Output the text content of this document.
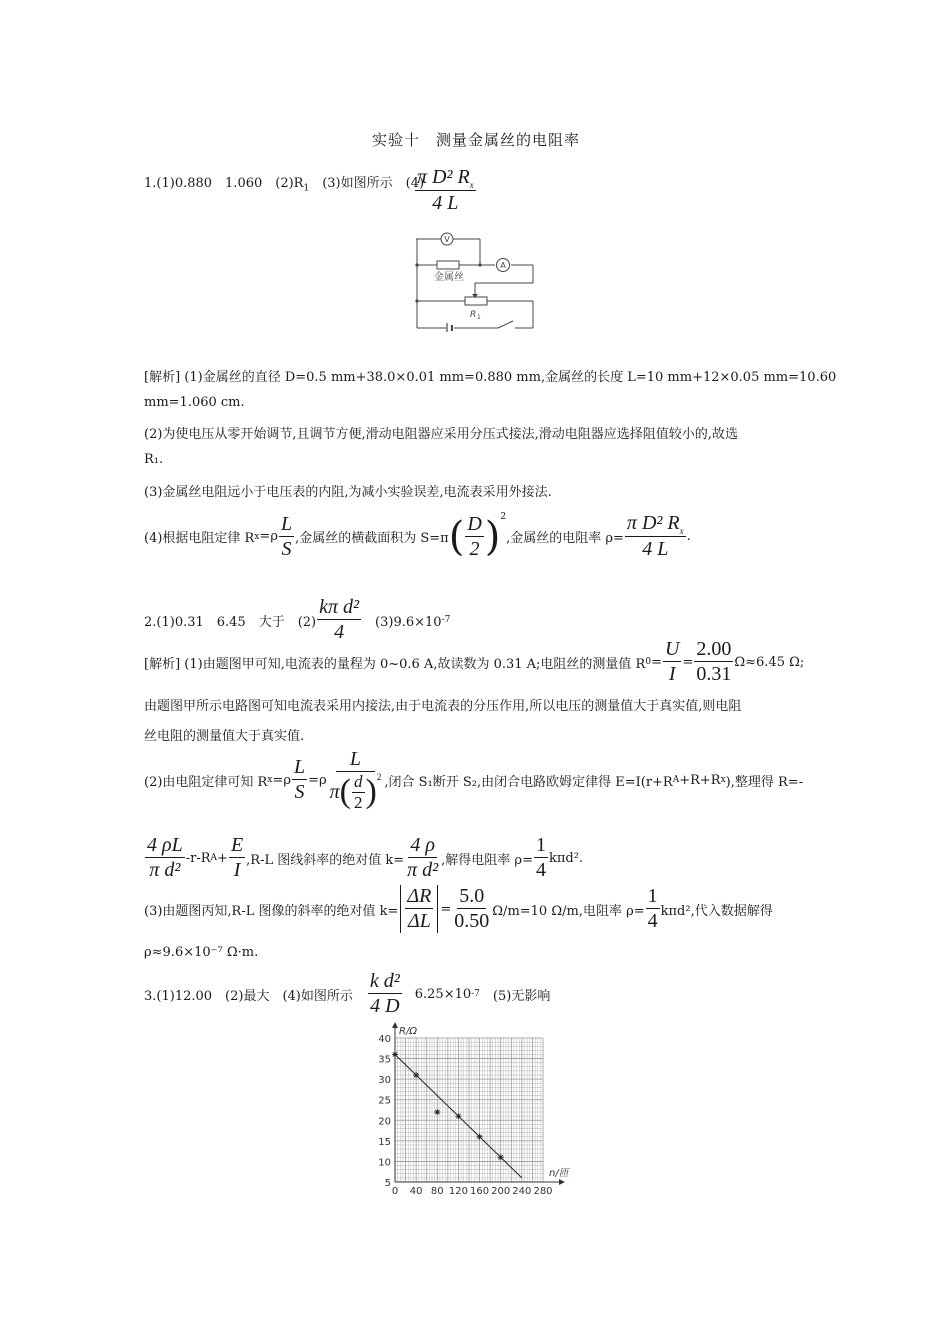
实验十　测量金属丝的电阻率
1.(1)0.880　1.060　$(2)R_1$　(3)如图所示　(4)
$\frac{\pi D^2 R_x}{4 L}$
V
A
金属丝
R 1
[解析] (1)金属丝的直径 D=0.5 mm+38.0×0.01 mm=0.880 mm,金属丝的长度 L=10 mm+12×0.05 mm=10.60
mm=1.060 cm.
(2)为使电压从零开始调节,且调节方便,滑动电阻器应采用分压式接法,滑动电阻器应选择阻值较小的,故选
R₁.
(3)金属丝电阻远小于电压表的内阻,为减小实验误差,电流表采用外接法.
(4)根据电阻定律 R $x =\rho \frac{L}{S}$ ,金属丝的横截面积为 S=π ( $\frac{D}{2} )^2$
,金属丝的电阻率 $\rho= \frac{\pi D^2 R_x}{4 L}$ .
2.(1)0.31　6.45　大于　$(2) \frac{\text{kπ d²}}{4}$ 　(3)9.6×10 -7
[解析] (1)由题图甲可知,电流表的量程为 0~0.6 A,故读数为 0.31 A;电阻丝的测量值 R $0 = \frac{U}{I} = \frac{2.00}{0.31} \Omega\approx 6.45$ Ω;
由题图甲所示电路图可知电流表采用内接法,由于电流表的分压作用,所以电压的测量值大于真实值,则电阻
丝电阻的测量值大于真实值.
(2)由电阻定律可知 R $x =\rho \frac{L}{S} =\rho \frac{L}{\pi ( \frac{d}{2} )^2}$ ,闭合 S₁断开 S₂,由闭合电路欧姆定律得 E=I(r+R A +R+R x ),整理得 R=-
$\frac{4 \rho L}{\text{π d²}} -r-R$ $A + \frac{E}{I} ,R-L$ 图线斜率的绝对值 $k= \frac{4 \rho}{\text{π d²}}$ ,解得电阻率 $\rho= \frac{1}{4} k\pi d^2$.
(3)由题图丙知,R-L 图像的斜率的绝对值 $k= \frac{\Delta R}{\Delta L} = \frac{5.0}{0.50} \Omega/m=10$ Ω/m,电阻率 $\rho= \frac{1}{4} k\pi d^2$,代入数据解得
ρ≈9.6×10⁻⁷ Ω·m.
3.(1)12.00　(2)最大　(4)如图所示 $\frac{\text{k d²}}{4 D} 6.25\times 10$ -7 　(5)无影响
0 40 80 120 160 200 240 280
5
10
15
20
25
30
35
40
R/Ω
n/匝
